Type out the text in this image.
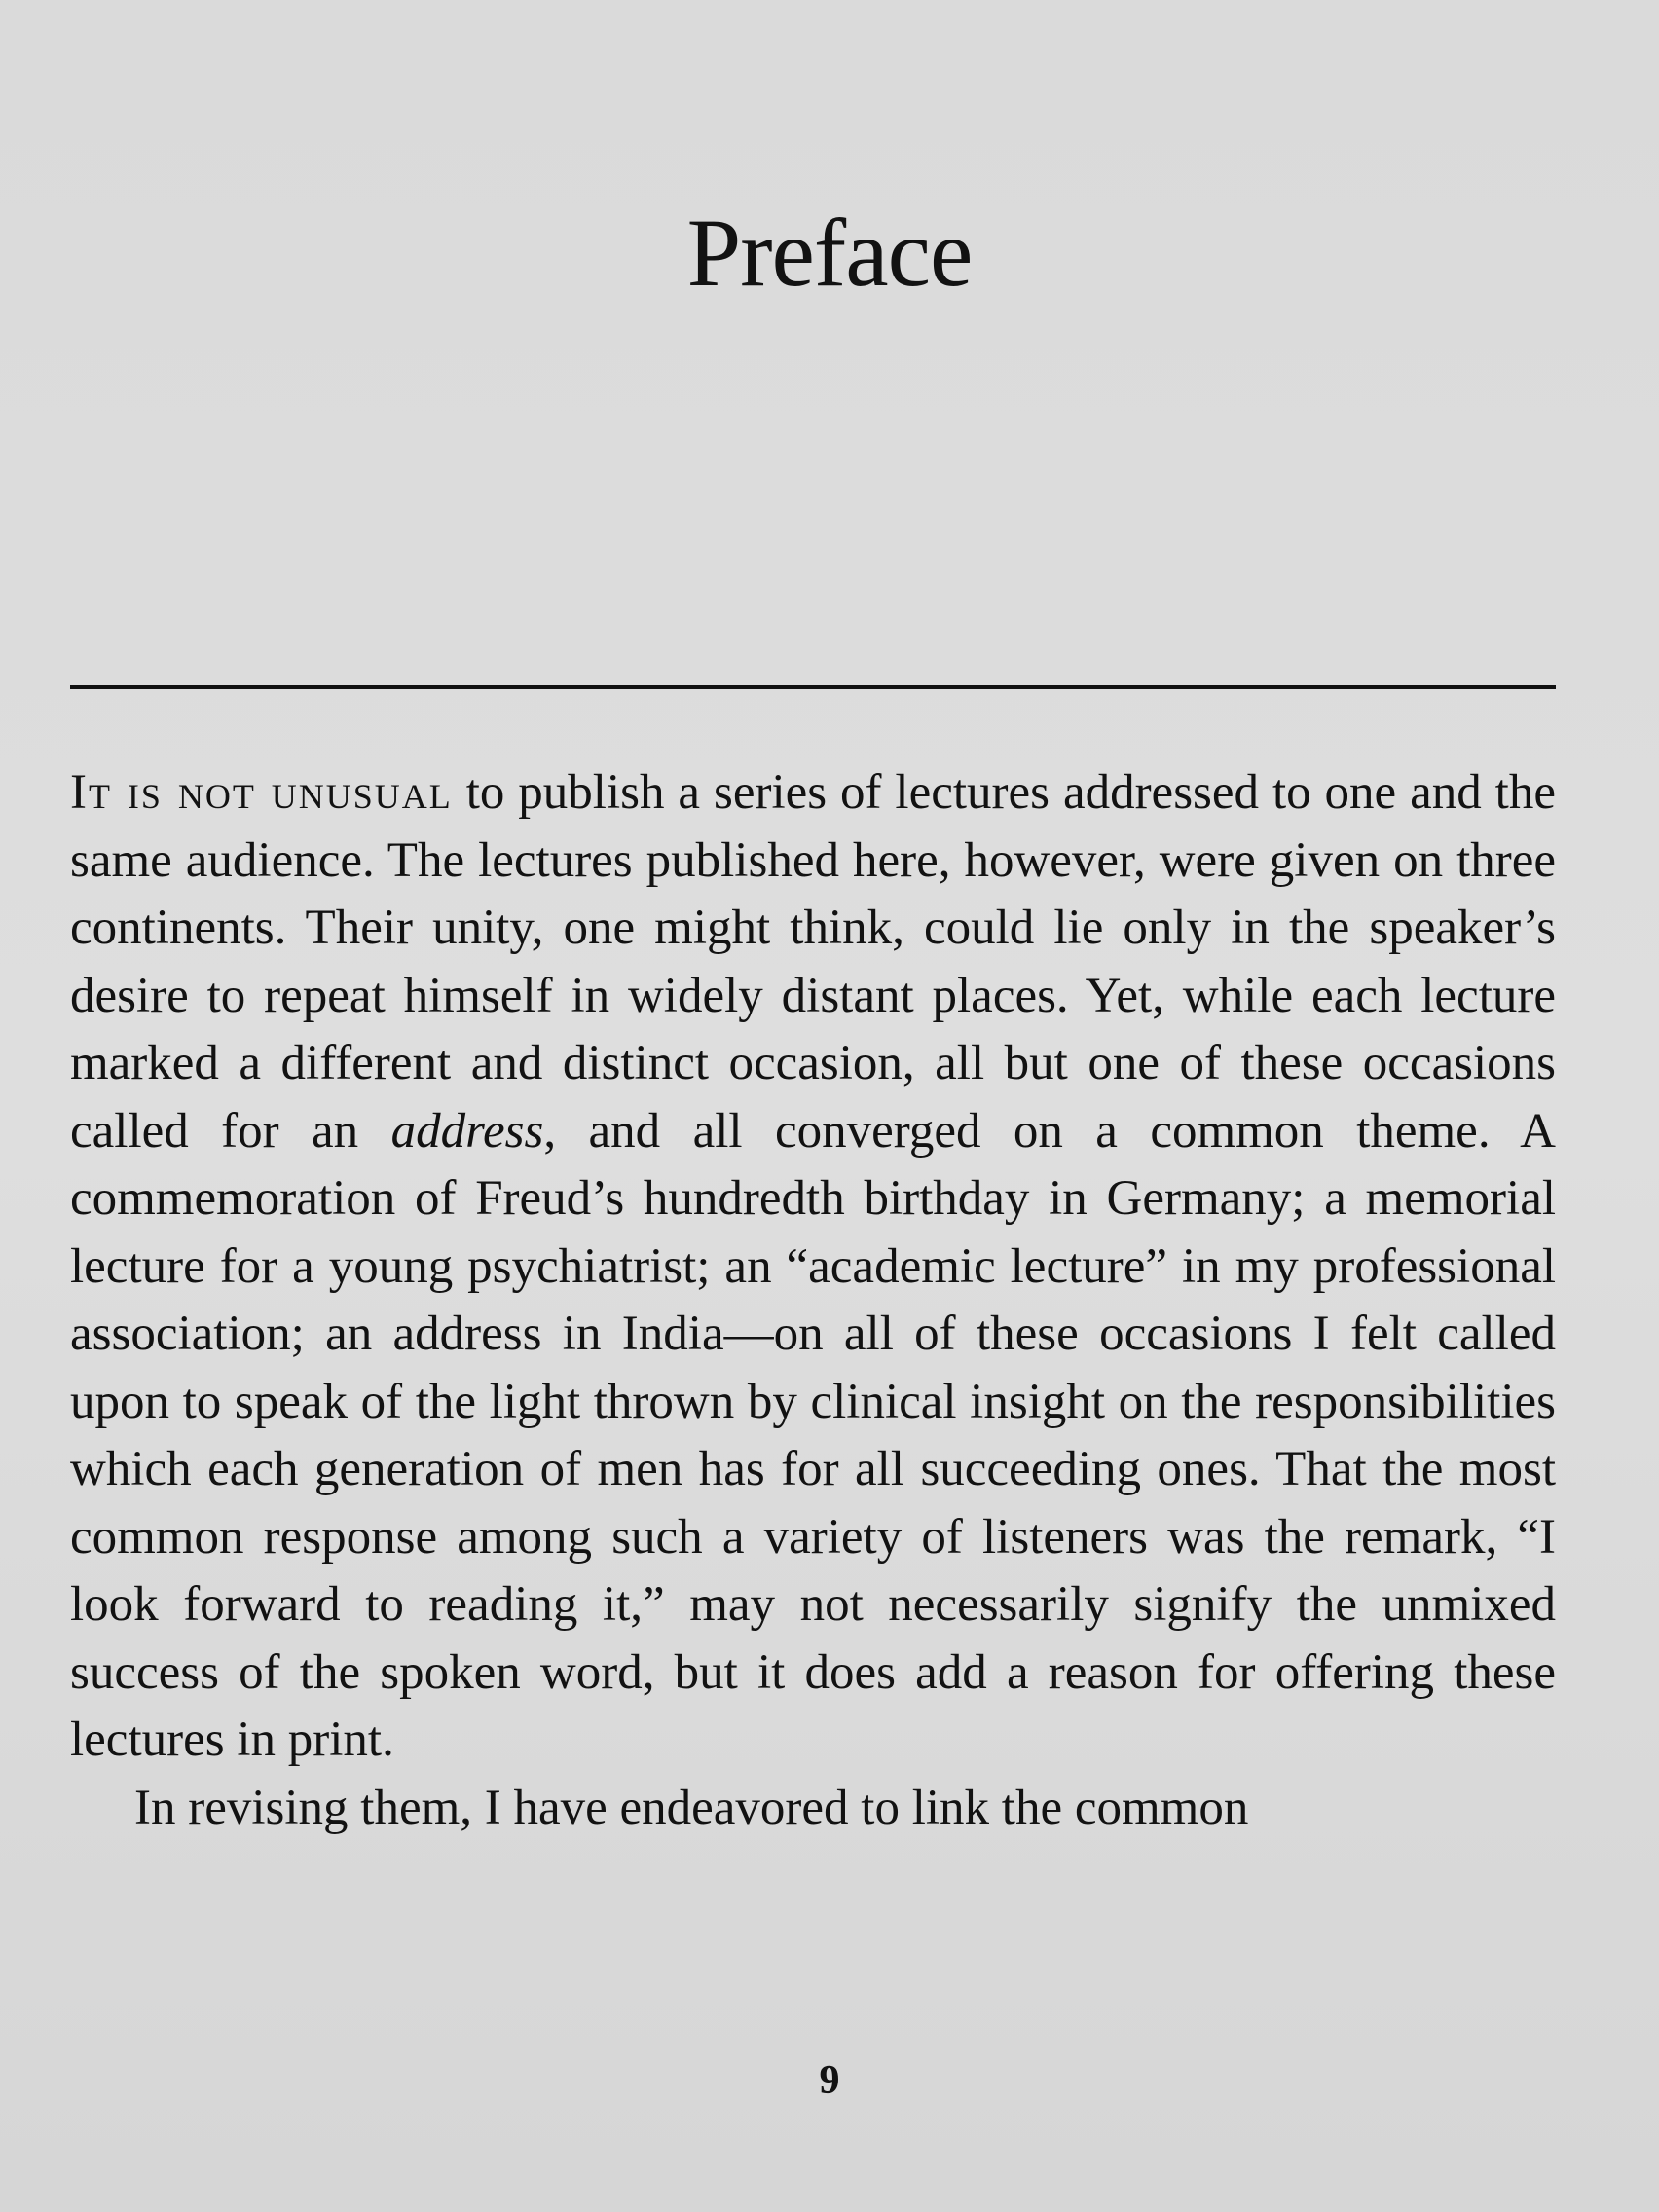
Preface

It is not unusual to publish a series of lectures addressed to one and the same audience. The lectures published here, however, were given on three continents. Their unity, one might think, could lie only in the speaker’s desire to repeat himself in widely distant places. Yet, while each lecture marked a different and distinct occasion, all but one of these occasions called for an address, and all converged on a common theme. A commemoration of Freud’s hundredth birthday in Germany; a memorial lecture for a young psychiatrist; an “academic lecture” in my professional association; an address in India—on all of these occasions I felt called upon to speak of the light thrown by clinical insight on the responsibilities which each generation of men has for all succeeding ones. That the most common response among such a variety of listeners was the remark, “I look forward to reading it,” may not necessarily signify the unmixed success of the spoken word, but it does add a reason for offering these lectures in print.

In revising them, I have endeavored to link the common

9
